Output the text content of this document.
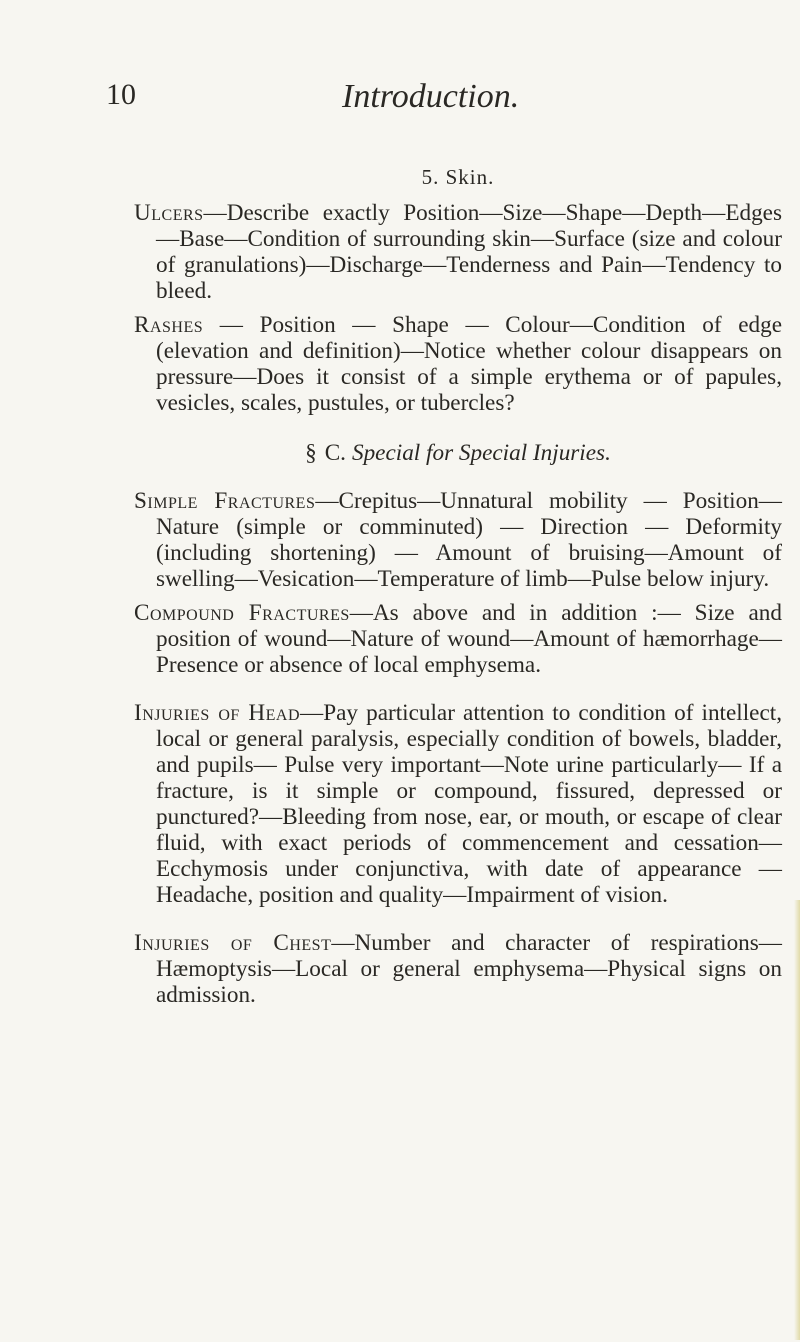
10	Introduction.
5. Skin.

Ulcers—Describe exactly Position—Size—Shape—Depth—Edges—Base—Condition of surrounding skin—Surface (size and colour of granulations)—Discharge—Tenderness and Pain—Tendency to bleed.

Rashes — Position — Shape — Colour—Condition of edge (elevation and definition)—Notice whether colour disappears on pressure—Does it consist of a simple erythema or of papules, vesicles, scales, pustules, or tubercles?

§ C. Special for Special Injuries.

Simple Fractures—Crepitus—Unnatural mobility — Position—Nature (simple or comminuted) — Direction — Deformity (including shortening) — Amount of bruising—Amount of swelling—Vesication—Temperature of limb—Pulse below injury.

Compound Fractures—As above and in addition :— Size and position of wound—Nature of wound—Amount of hæmorrhage—Presence or absence of local emphysema.

Injuries of Head—Pay particular attention to condition of intellect, local or general paralysis, especially condition of bowels, bladder, and pupils— Pulse very important—Note urine particularly— If a fracture, is it simple or compound, fissured, depressed or punctured?—Bleeding from nose, ear, or mouth, or escape of clear fluid, with exact periods of commencement and cessation—Ecchymosis under conjunctiva, with date of appearance —Headache, position and quality—Impairment of vision.

Injuries of Chest—Number and character of respirations—Hæmoptysis—Local or general emphysema—Physical signs on admission.
